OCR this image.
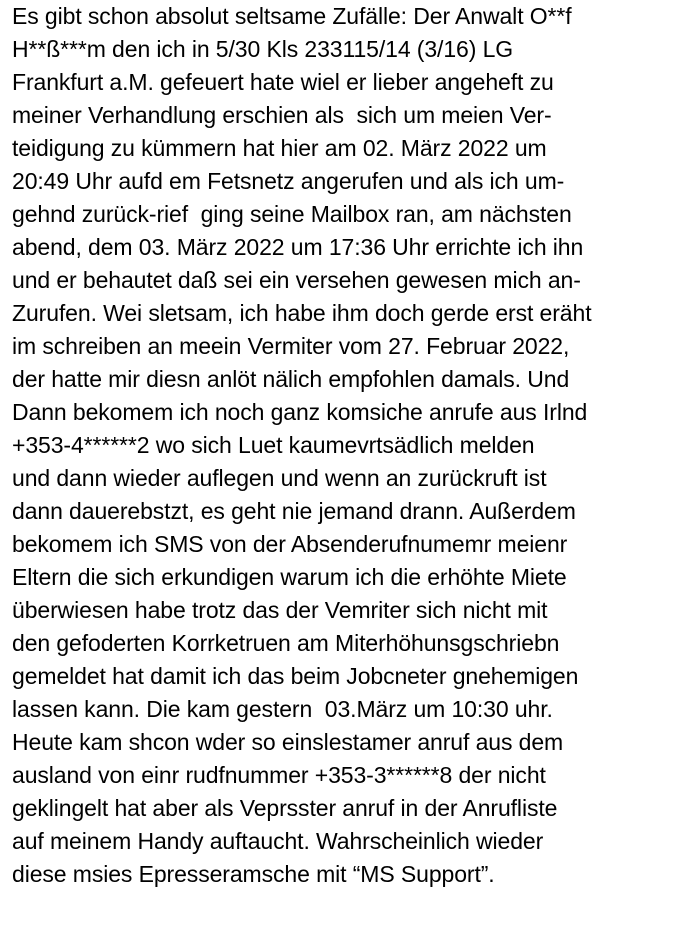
Es gibt schon absolut seltsame Zufälle: Der Anwalt O**f
H**ß***m den ich in 5/30 Kls 233115/14 (3/16) LG
Frankfurt a.M. gefeuert hate wiel er lieber angeheft zu
meiner Verhandlung erschien als  sich um meien Ver-
teidigung zu kümmern hat hier am 02. März 2022 um
20:49 Uhr aufd em Fetsnetz angerufen und als ich um-
gehnd zurück-rief  ging seine Mailbox ran, am nächsten
abend, dem 03. März 2022 um 17:36 Uhr errichte ich ihn
und er behautet daß sei ein versehen gewesen mich an-
Zurufen. Wei sletsam, ich habe ihm doch gerde erst eräht
im schreiben an meein Vermiter vom 27. Februar 2022,
der hatte mir diesn anlöt nälich empfohlen damals. Und
Dann bekomem ich noch ganz komsiche anrufe aus Irlnd
+353-4******2 wo sich Luet kaumevrtsädlich melden
und dann wieder auflegen und wenn an zurückruft ist
dann dauerebstzt, es geht nie jemand drann. Außerdem
bekomem ich SMS von der Absenderufnumemr meienr
Eltern die sich erkundigen warum ich die erhöhte Miete
überwiesen habe trotz das der Vemriter sich nicht mit
den gefoderten Korrketruen am Miterhöhunsgschriebn
gemeldet hat damit ich das beim Jobcneter gnehemigen
lassen kann. Die kam gestern  03.März um 10:30 uhr.
Heute kam shcon wder so einslestamer anruf aus dem
ausland von einr rudfnummer +353-3******8 der nicht
geklingelt hat aber als Veprsster anruf in der Anrufliste
auf meinem Handy auftaucht. Wahrscheinlich wieder
diese msies Epresseramsche mit “MS Support”.
